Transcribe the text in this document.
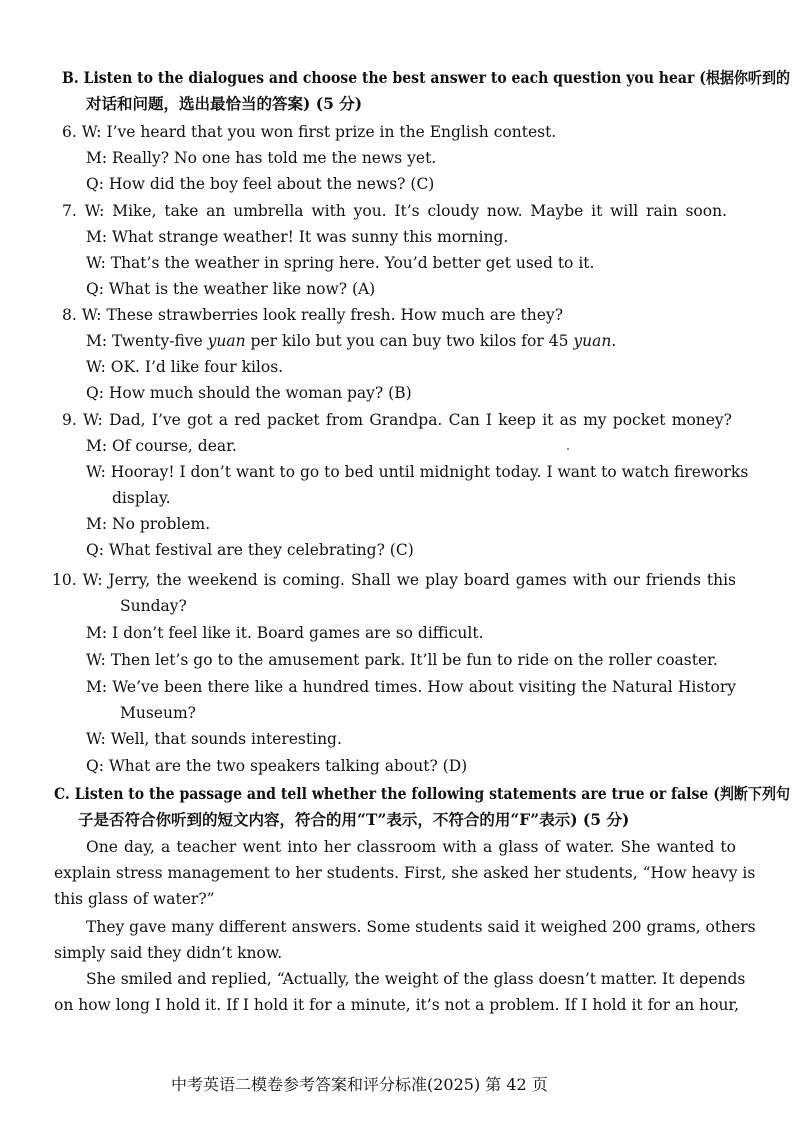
B. Listen to the dialogues and choose the best answer to each question you hear (根据你听到的
对话和问题，选出最恰当的答案) (5 分)
6. W: I’ve heard that you won first prize in the English contest.
M: Really? No one has told me the news yet.
Q: How did the boy feel about the news? (C)
7. W: Mike, take an umbrella with you. It’s cloudy now. Maybe it will rain soon.
M: What strange weather! It was sunny this morning.
W: That’s the weather in spring here. You’d better get used to it.
Q: What is the weather like now? (A)
8. W: These strawberries look really fresh. How much are they?
M: Twenty-five yuan per kilo but you can buy two kilos for 45 yuan.
W: OK. I’d like four kilos.
Q: How much should the woman pay? (B)
9. W: Dad, I’ve got a red packet from Grandpa. Can I keep it as my pocket money?
M: Of course, dear.
W: Hooray! I don’t want to go to bed until midnight today. I want to watch fireworks
display.
M: No problem.
Q: What festival are they celebrating? (C)
10. W: Jerry, the weekend is coming. Shall we play board games with our friends this
Sunday?
M: I don’t feel like it. Board games are so difficult.
W: Then let’s go to the amusement park. It’ll be fun to ride on the roller coaster.
M: We’ve been there like a hundred times. How about visiting the Natural History
Museum?
W: Well, that sounds interesting.
Q: What are the two speakers talking about? (D)
C. Listen to the passage and tell whether the following statements are true or false (判断下列句
子是否符合你听到的短文内容，符合的用“T”表示，不符合的用“F”表示) (5 分)
One day, a teacher went into her classroom with a glass of water. She wanted to
explain stress management to her students. First, she asked her students, “How heavy is
this glass of water?”
They gave many different answers. Some students said it weighed 200 grams, others
simply said they didn’t know.
She smiled and replied, “Actually, the weight of the glass doesn’t matter. It depends
on how long I hold it. If I hold it for a minute, it’s not a problem. If I hold it for an hour,
中考英语二模卷参考答案和评分标准(2025) 第 42 页
